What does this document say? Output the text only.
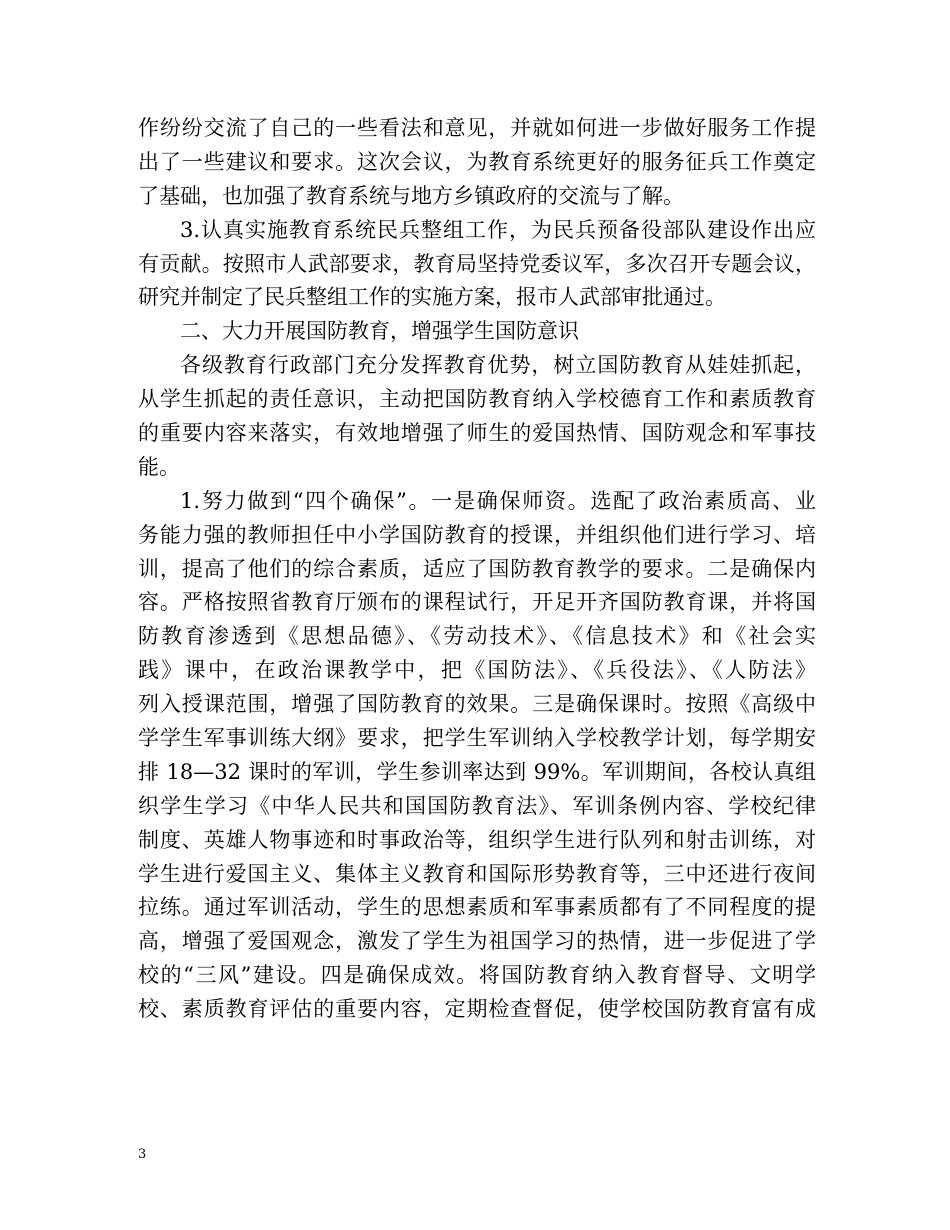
作纷纷交流了自己的一些看法和意见，并就如何进一步做好服务工作提
出了一些建议和要求。这次会议，为教育系统更好的服务征兵工作奠定
了基础，也加强了教育系统与地方乡镇政府的交流与了解。
3.认真实施教育系统民兵整组工作，为民兵预备役部队建设作出应
有贡献。按照市人武部要求，教育局坚持党委议军，多次召开专题会议，
研究并制定了民兵整组工作的实施方案，报市人武部审批通过。
二、大力开展国防教育，增强学生国防意识
各级教育行政部门充分发挥教育优势，树立国防教育从娃娃抓起，
从学生抓起的责任意识，主动把国防教育纳入学校德育工作和素质教育
的重要内容来落实，有效地增强了师生的爱国热情、国防观念和军事技
能。
1.努力做到“四个确保”。一是确保师资。选配了政治素质高、业
务能力强的教师担任中小学国防教育的授课，并组织他们进行学习、培
训，提高了他们的综合素质，适应了国防教育教学的要求。二是确保内
容。严格按照省教育厅颁布的课程试行，开足开齐国防教育课，并将国
防教育渗透到《思想品德》、《劳动技术》、《信息技术》和《社会实
践》课中，在政治课教学中，把《国防法》、《兵役法》、《人防法》
列入授课范围，增强了国防教育的效果。三是确保课时。按照《高级中
学学生军事训练大纲》要求，把学生军训纳入学校教学计划，每学期安
排 18—32 课时的军训，学生参训率达到 99%。军训期间，各校认真组
织学生学习《中华人民共和国国防教育法》、军训条例内容、学校纪律
制度、英雄人物事迹和时事政治等，组织学生进行队列和射击训练，对
学生进行爱国主义、集体主义教育和国际形势教育等，三中还进行夜间
拉练。通过军训活动，学生的思想素质和军事素质都有了不同程度的提
高，增强了爱国观念，激发了学生为祖国学习的热情，进一步促进了学
校的“三风”建设。四是确保成效。将国防教育纳入教育督导、文明学
校、素质教育评估的重要内容，定期检查督促，使学校国防教育富有成
3
